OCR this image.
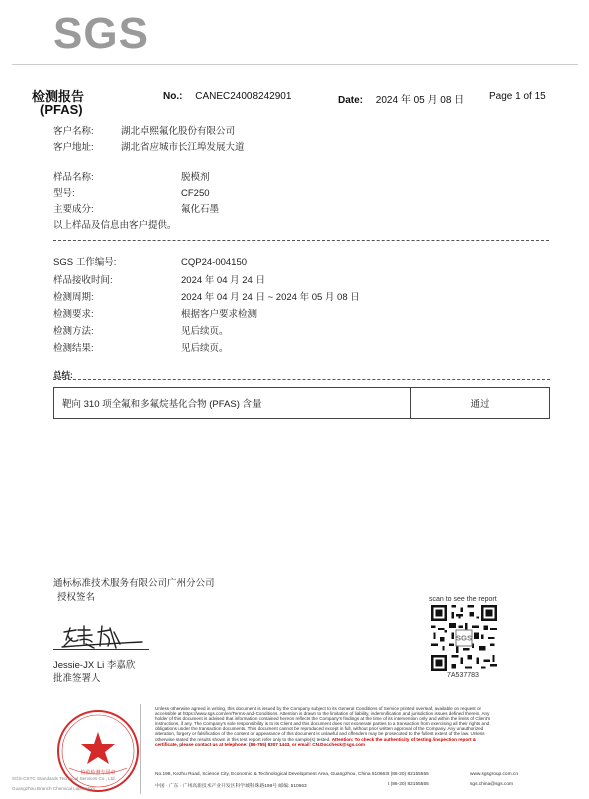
SGS
检测报告
(PFAS)
No.: CANEC24008242901	Date: 2024 年 05 月 08 日 Page 1 of 15
客户名称:	湖北卓熙氟化股份有限公司
客户地址:	湖北省应城市长江埠发展大道
样品名称:	脱模剂
型号:	CF250
主要成分:	氟化石墨
以上样品及信息由客户提供。
SGS 工作编号:	CQP24-004150
样品接收时间:	2024 年 04 月 24 日
检测周期:	2024 年 04 月 24 日 ~ 2024 年 05 月 08 日
检测要求:	根据客户要求检测
检测方法:	见后续页。
检测结果:	见后续页。
总结:
靶向 310 项全氟和多氟烷基化合物 (PFAS) 含量	通过
通标标准技术服务有限公司广州分公司
授权签名
Jessie-JX Li 李嘉欣
批准签署人
scan to see the report
SGS
7A537783
检验检测专用章
Unless otherwise agreed in writing, this document is issued by the Company subject to its General Conditions of Service printed overleaf, available on request or accessible at https://www.sgs.com/en/Terms-and-Conditions. Attention is drawn to the limitation of liability, indemnification and jurisdiction issues defined therein. Any holder of this document is advised that information contained hereon reflects the Company's findings at the time of its intervention only and within the limits of Client's instructions, if any. The Company's sole responsibility is to its Client and this document does not exonerate parties to a transaction from exercising all their rights and obligations under the transaction documents. This document cannot be reproduced except in full, without prior written approval of the Company. Any unauthorized alteration, forgery or falsification of the content or appearance of this document is unlawful and offenders may be prosecuted to the fullest extent of the law. Unless otherwise stated the results shown in this test report refer only to the sample(s) tested. Attention: To check the authenticity of testing /inspection report & certificate, please contact us at telephone: (86-755) 8307 1443, or email: CN.Doccheck@sgs.com
No.198, Kezhu Road, Science City, Economic & Technological Development Area, Guangzhou, China 510663 t (86-20) 82155555	www.sgsgroup.com.cn
中国 · 广东 · 广州高新技术产业开发区科学城科珠路198号 邮编: 510663	t (86-20) 82155555	sgs.china@sgs.com
SGS-CSTC Standards Technical Services Co., Ltd.
Guangzhou Branch Chemical Laboratory
